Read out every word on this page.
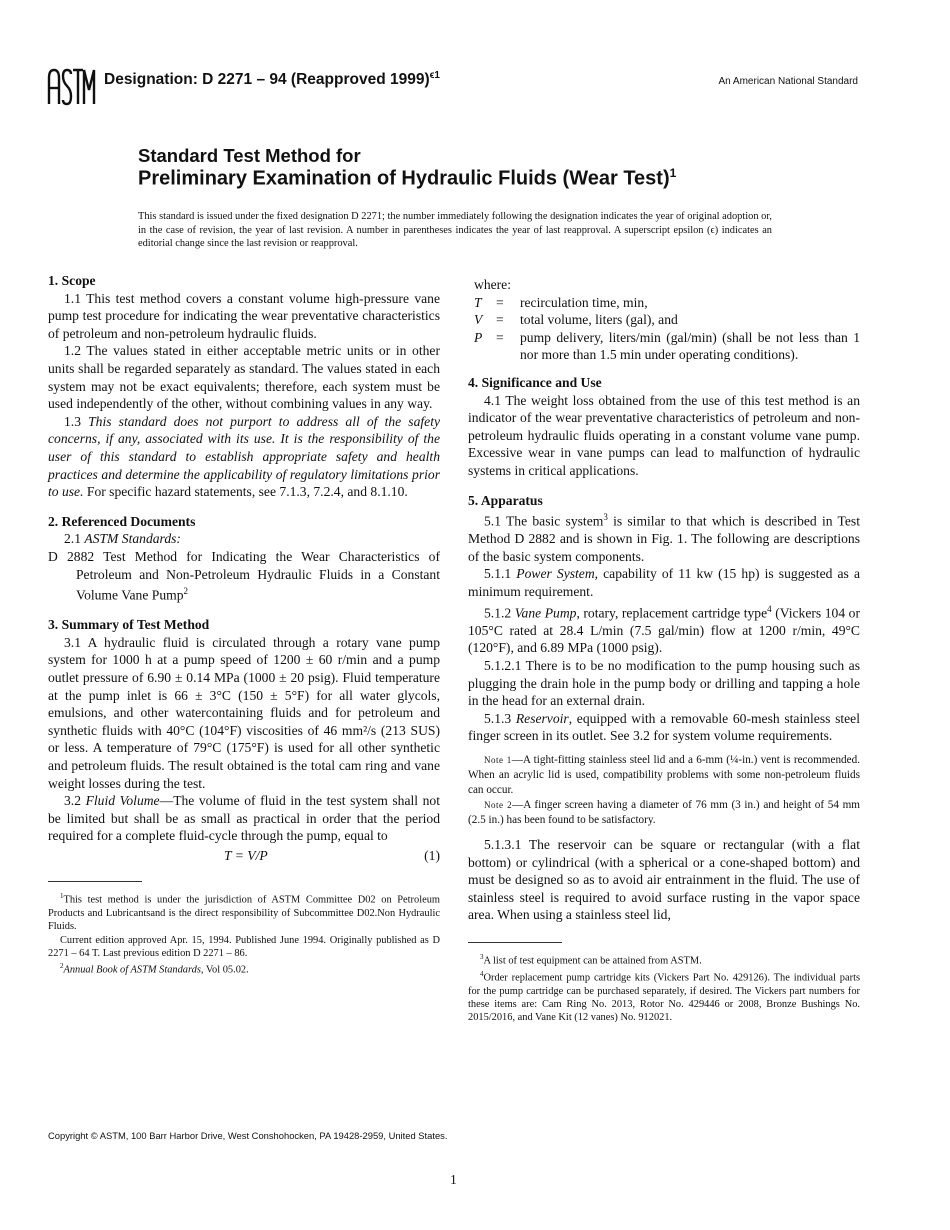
Designation: D 2271 – 94 (Reapproved 1999)$^{\epsilon 1}$
An American National Standard
Standard Test Method for
Preliminary Examination of Hydraulic Fluids (Wear Test)$^1$
This standard is issued under the fixed designation D 2271; the number immediately following the designation indicates the year of original adoption or, in the case of revision, the year of last revision. A number in parentheses indicates the year of last reapproval. A superscript epsilon (ϵ) indicates an editorial change since the last revision or reapproval.
1. Scope

1.1 This test method covers a constant volume high-pressure vane pump test procedure for indicating the wear preventative characteristics of petroleum and non-petroleum hydraulic fluids.

1.2 The values stated in either acceptable metric units or in other units shall be regarded separately as standard. The values stated in each system may not be exact equivalents; therefore, each system must be used independently of the other, without combining values in any way.

1.3 This standard does not purport to address all of the safety concerns, if any, associated with its use. It is the responsibility of the user of this standard to establish appropriate safety and health practices and determine the applicability of regulatory limitations prior to use. For specific hazard statements, see 7.1.3, 7.2.4, and 8.1.10.

2. Referenced Documents

2.1 ASTM Standards:

D 2882 Test Method for Indicating the Wear Characteristics of Petroleum and Non-Petroleum Hydraulic Fluids in a Constant Volume Vane Pump$^2$

3. Summary of Test Method

3.1 A hydraulic fluid is circulated through a rotary vane pump system for 1000 h at a pump speed of 1200 ± 60 r/min and a pump outlet pressure of 6.90 ± 0.14 MPa (1000 ± 20 psig). Fluid temperature at the pump inlet is 66 ± 3°C (150 ± 5°F) for all water glycols, emulsions, and other watercontaining fluids and for petroleum and synthetic fluids with 40°C (104°F) viscosities of 46 mm²/s (213 SUS) or less. A temperature of 79°C (175°F) is used for all other synthetic and petroleum fluids. The result obtained is the total cam ring and vane weight losses during the test.

3.2 Fluid Volume—The volume of fluid in the test system shall not be limited but shall be as small as practical in order that the period required for a complete fluid-cycle through the pump, equal to

T = V/P	(1)

$^1$This test method is under the jurisdiction of ASTM Committee D02 on Petroleum Products and Lubricantsand is the direct responsibility of Subcommittee D02.Non Hydraulic Fluids.

Current edition approved Apr. 15, 1994. Published June 1994. Originally published as D 2271 – 64 T. Last previous edition D 2271 – 86.

$^2$Annual Book of ASTM Standards, Vol 05.02.

where:

T	=	recirculation time, min,
V	=	total volume, liters (gal), and
P	=	pump delivery, liters/min (gal/min) (shall be not less than 1 nor more than 1.5 min under operating conditions).
4. Significance and Use

4.1 The weight loss obtained from the use of this test method is an indicator of the wear preventative characteristics of petroleum and non-petroleum hydraulic fluids operating in a constant volume vane pump. Excessive wear in vane pumps can lead to malfunction of hydraulic systems in critical applications.

5. Apparatus

5.1 The basic system$^3$ is similar to that which is described in Test Method D 2882 and is shown in Fig. 1. The following are descriptions of the basic system components.

5.1.1 Power System, capability of 11 kw (15 hp) is suggested as a minimum requirement.

5.1.2 Vane Pump, rotary, replacement cartridge type$^4$ (Vickers 104 or 105°C rated at 28.4 L/min (7.5 gal/min) flow at 1200 r/min, 49°C (120°F), and 6.89 MPa (1000 psig).

5.1.2.1 There is to be no modification to the pump housing such as plugging the drain hole in the pump body or drilling and tapping a hole in the head for an external drain.

5.1.3 Reservoir, equipped with a removable 60-mesh stainless steel finger screen in its outlet. See 3.2 for system volume requirements.

Note 1—A tight-fitting stainless steel lid and a 6-mm (¼-in.) vent is recommended. When an acrylic lid is used, compatibility problems with some non-petroleum fluids can occur.

Note 2—A finger screen having a diameter of 76 mm (3 in.) and height of 54 mm (2.5 in.) has been found to be satisfactory.

5.1.3.1 The reservoir can be square or rectangular (with a flat bottom) or cylindrical (with a spherical or a cone-shaped bottom) and must be designed so as to avoid air entrainment in the fluid. The use of stainless steel is required to avoid surface rusting in the vapor space area. When using a stainless steel lid,

$^3$A list of test equipment can be attained from ASTM.

$^4$Order replacement pump cartridge kits (Vickers Part No. 429126). The individual parts for the pump cartridge can be purchased separately, if desired. The Vickers part numbers for these items are: Cam Ring No. 2013, Rotor No. 429446 or 2008, Bronze Bushings No. 2015/2016, and Vane Kit (12 vanes) No. 912021.

Copyright © ASTM, 100 Barr Harbor Drive, West Conshohocken, PA 19428-2959, United States.
1
